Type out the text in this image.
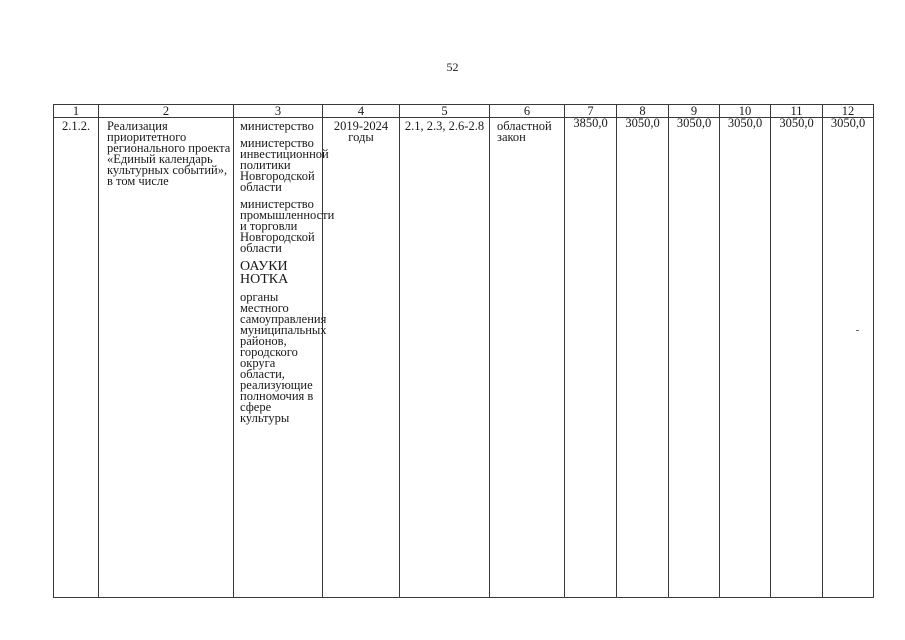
52
1	2	3	4	5	6	7	8	9	10	11	12
2.1.2.	Реализация приоритетного регионального проекта «Единый календарь культурных событий», в том числе	министерство
министерство инвестиционной политики Новгородской области
министерство промышленности и торговли Новгородской области
ОАУКИ НОТКА
органы местного самоуправления муниципальных районов, городского округа области, реализующие полномочия в сфере культуры	2019-2024 годы	2.1, 2.3, 2.6-2.8	областной закон	3850,0	3050,0	3050,0	3050,0	3050,0	3050,0
